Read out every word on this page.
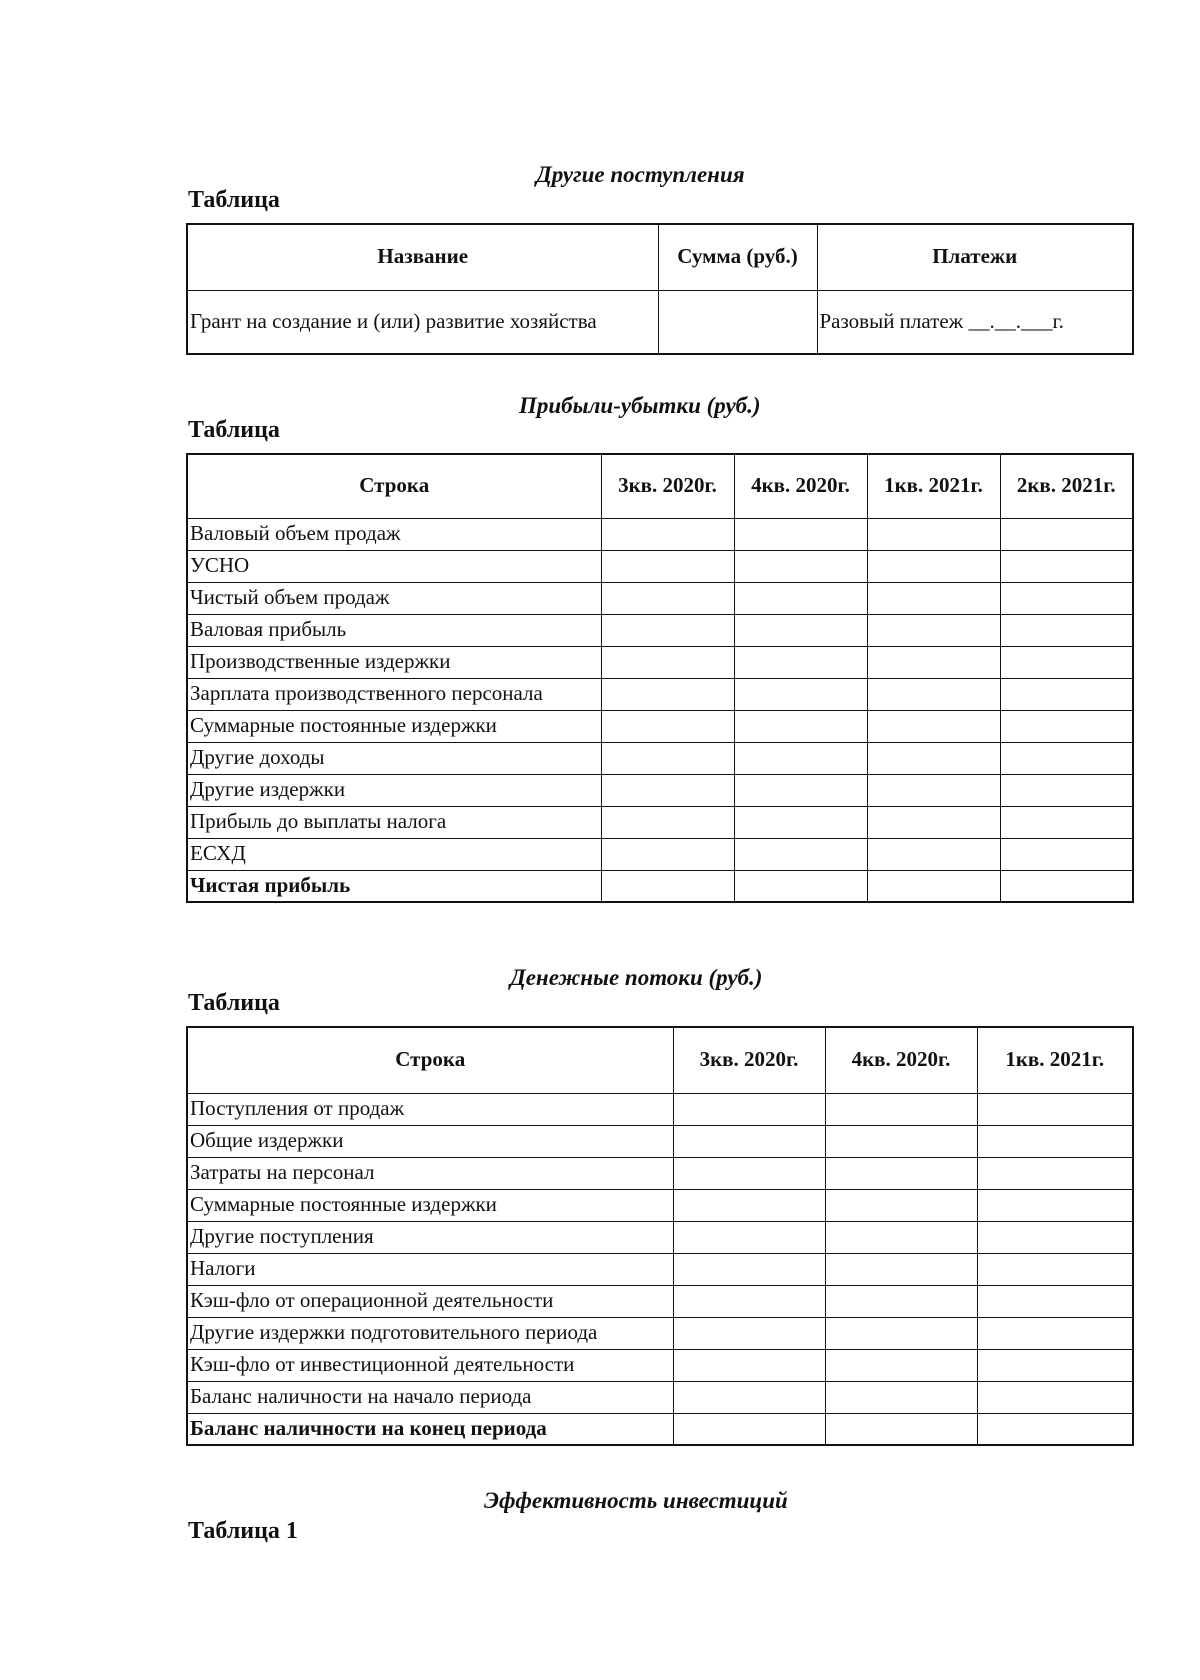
Другие поступления
Таблица
Название	Сумма (руб.)	Платежи
Грант на создание и (или) развитие хозяйства		Разовый платеж __.__.___г.
Прибыли-убытки (руб.)
Таблица
Строка	3кв. 2020г.	4кв. 2020г.	1кв. 2021г.	2кв. 2021г.
Валовый объем продаж				
УСНО				
Чистый объем продаж				
Валовая прибыль				
Производственные издержки				
Зарплата производственного персонала				
Суммарные постоянные издержки				
Другие доходы				
Другие издержки				
Прибыль до выплаты налога				
ЕСХД				
Чистая прибыль				
Денежные потоки (руб.)
Таблица
Строка	3кв. 2020г.	4кв. 2020г.	1кв. 2021г.
Поступления от продаж			
Общие издержки			
Затраты на персонал			
Суммарные постоянные издержки			
Другие поступления			
Налоги			
Кэш-фло от операционной деятельности			
Другие издержки подготовительного периода			
Кэш-фло от инвестиционной деятельности			
Баланс наличности на начало периода			
Баланс наличности на конец периода			
Эффективность инвестиций
Таблица 1
